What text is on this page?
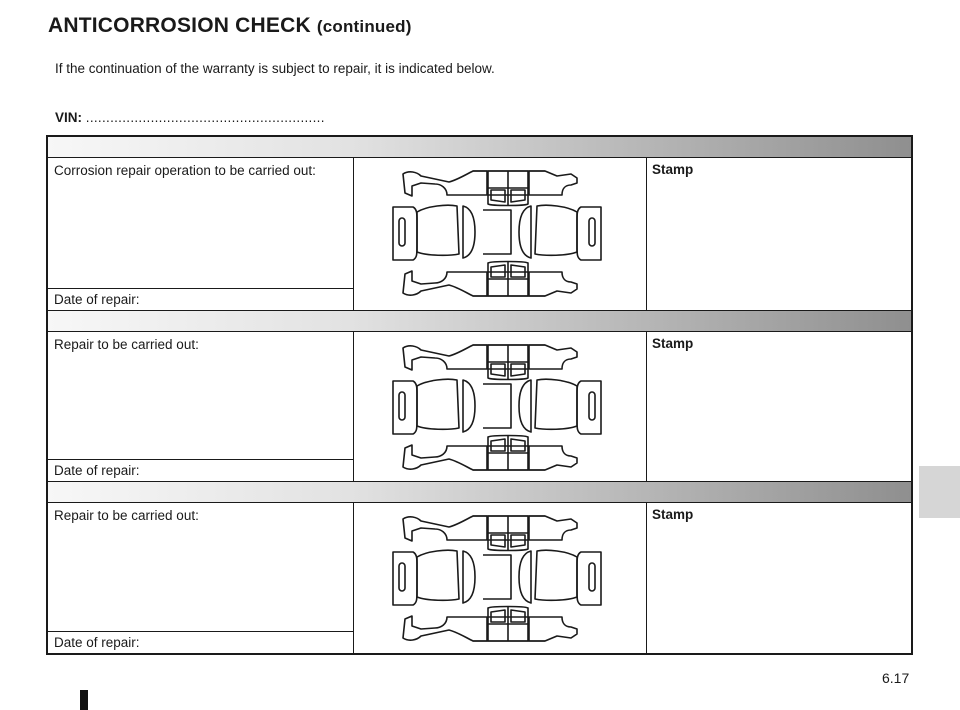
ANTICORROSION CHECK (continued)
If the continuation of the warranty is subject to repair, it is indicated below.
VIN: ...........................................................
Corrosion repair operation to be carried out:
Date of repair:
Stamp
Repair to be carried out:
Date of repair:
Stamp
Repair to be carried out:
Date of repair:
Stamp
6.17
